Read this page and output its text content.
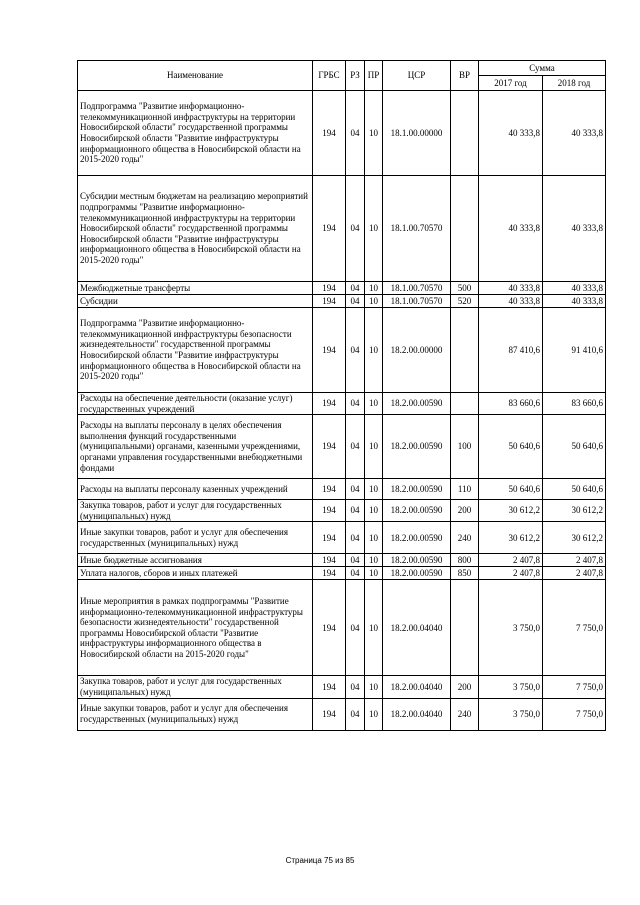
Наименование	ГРБС	РЗ	ПР	ЦСР	ВР	Сумма	
						2017 год	2018 год
Подпрограмма "Развитие информационно-телекоммуникационной инфраструктуры на территории Новосибирской области" государственной программы Новосибирской области "Развитие инфраструктуры информационного общества в Новосибирской области на 2015-2020 годы"	194	04	10	18.1.00.00000		40 333,8	40 333,8
Субсидии местным бюджетам на реализацию мероприятий подпрограммы "Развитие информационно-телекоммуникационной инфраструктуры на территории Новосибирской области" государственной программы Новосибирской области "Развитие инфраструктуры информационного общества в Новосибирской области на 2015-2020 годы"	194	04	10	18.1.00.70570		40 333,8	40 333,8
Межбюджетные трансферты	194	04	10	18.1.00.70570	500	40 333,8	40 333,8
Субсидии	194	04	10	18.1.00.70570	520	40 333,8	40 333,8
Подпрограмма "Развитие информационно-телекоммуникационной инфраструктуры безопасности жизнедеятельности" государственной программы Новосибирской области "Развитие инфраструктуры информационного общества в Новосибирской области на 2015-2020 годы"	194	04	10	18.2.00.00000		87 410,6	91 410,6
Расходы на обеспечение деятельности (оказание услуг) государственных учреждений	194	04	10	18.2.00.00590		83 660,6	83 660,6
Расходы на выплаты персоналу в целях обеспечения выполнения функций государственными (муниципальными) органами, казенными учреждениями, органами управления государственными внебюджетными фондами	194	04	10	18.2.00.00590	100	50 640,6	50 640,6
Расходы на выплаты персоналу казенных учреждений	194	04	10	18.2.00.00590	110	50 640,6	50 640,6
Закупка товаров, работ и услуг для государственных (муниципальных) нужд	194	04	10	18.2.00.00590	200	30 612,2	30 612,2
Иные закупки товаров, работ и услуг для обеспечения государственных (муниципальных) нужд	194	04	10	18.2.00.00590	240	30 612,2	30 612,2
Иные бюджетные ассигнования	194	04	10	18.2.00.00590	800	2 407,8	2 407,8
Уплата налогов, сборов и иных платежей	194	04	10	18.2.00.00590	850	2 407,8	2 407,8
Иные мероприятия в рамках подпрограммы "Развитие информационно-телекоммуникационной инфраструктуры безопасности жизнедеятельности" государственной программы Новосибирской области "Развитие инфраструктуры информационного общества в Новосибирской области на 2015-2020 годы"	194	04	10	18.2.00.04040		3 750,0	7 750,0
Закупка товаров, работ и услуг для государственных (муниципальных) нужд	194	04	10	18.2.00.04040	200	3 750,0	7 750,0
Иные закупки товаров, работ и услуг для обеспечения государственных (муниципальных) нужд	194	04	10	18.2.00.04040	240	3 750,0	7 750,0
Страница 75 из 85
